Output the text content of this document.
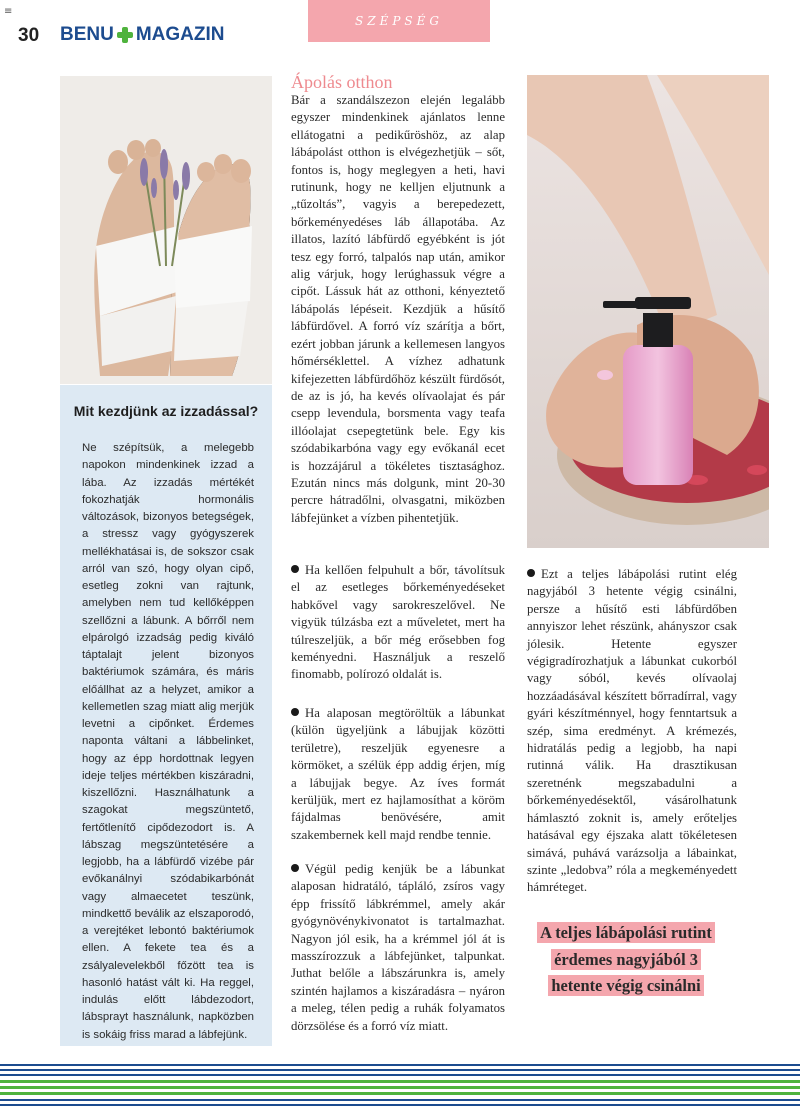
≡
30 BENU MAGAZIN
SZÉPSÉG
Mit kezdjünk az izzadással?

Ne szépítsük, a melegebb napokon mindenkinek izzad a lába. Az izzadás mértékét fokozhatják hormonális változások, bizonyos betegségek, a stressz vagy gyógyszerek mellékhatásai is, de sokszor csak arról van szó, hogy olyan cipő, esetleg zokni van rajtunk, amelyben nem tud kellőképpen szellőzni a lábunk. A bőrről nem elpárolgó izzadság pedig kiváló táptalajt jelent bizonyos baktériumok számára, és máris előállhat az a helyzet, amikor a kellemetlen szag miatt alig merjük levetni a cipőnket. Érdemes naponta váltani a lábbelinket, hogy az épp hordottnak legyen ideje teljes mértékben kiszáradni, kiszellőzni. Használhatunk a szagokat megszüntető, fertőtlenítő cipődezodort is. A lábszag megszüntetésére a legjobb, ha a lábfürdő vizébe pár evőkanálnyi szódabikarbónát vagy almaecetet teszünk, mindkettő beválik az elszaporodó, a verejtéket lebontó baktériumok ellen. A fekete tea és a zsályalevelekből főzött tea is hasonló hatást vált ki. Ha reggel, indulás előtt lábdezodort, lábsprayt használunk, napközben is sokáig friss marad a lábfejünk.

Ápolás otthon

Bár a szandálszezon elején legalább egyszer mindenkinek ajánlatos lenne ellátogatni a pedikűröshöz, az alap lábápolást otthon is elvégezhetjük – sőt, fontos is, hogy meglegyen a heti, havi rutinunk, hogy ne kelljen eljutnunk a „tűzoltás”, vagyis a berepedezett, bőrkeményedéses láb állapotába. Az illatos, lazító lábfürdő egyébként is jót tesz egy forró, talpalós nap után, amikor alig várjuk, hogy lerúghassuk végre a cipőt. Lássuk hát az otthoni, kényeztető lábápolás lépéseit. Kezdjük a hűsítő lábfürdővel. A forró víz szárítja a bőrt, ezért jobban járunk a kellemesen langyos hőmérséklettel. A vízhez adhatunk kifejezetten lábfürdőhöz készült fürdősót, de az is jó, ha kevés olívaolajat és pár csepp levendula, borsmenta vagy teafa illóolajat csepegtetünk bele. Egy kis szódabikarbóna vagy egy evőkanál ecet is hozzájárul a tökéletes tisztasághoz. Ezután nincs más dolgunk, mint 20-30 percre hátradőlni, olvasgatni, miközben lábfejünket a vízben pihentetjük.

Ha kellően felpuhult a bőr, távolítsuk el az esetleges bőrkeményedéseket habkővel vagy sarokreszelővel. Ne vigyük túlzásba ezt a műveletet, mert ha túlreszeljük, a bőr még erősebben fog keményedni. Használjuk a reszelő finomabb, polírozó oldalát is.

Ha alaposan megtöröltük a lábunkat (külön ügyeljünk a lábujjak közötti területre), reszeljük egyenesre a körmöket, a szélük épp addig érjen, míg a lábujjak begye. Az íves formát kerüljük, mert ez hajlamosíthat a köröm fájdalmas benövésére, amit szakembernek kell majd rendbe tennie.

Végül pedig kenjük be a lábunkat alaposan hidratáló, tápláló, zsíros vagy épp frissítő lábkrémmel, amely akár gyógynövénykivonatot is tartalmazhat. Nagyon jól esik, ha a krémmel jól át is masszírozzuk a lábfejünket, talpunkat. Juthat belőle a lábszárunkra is, amely szintén hajlamos a kiszáradásra – nyáron a meleg, télen pedig a ruhák folyamatos dörzsölése és a forró víz miatt.

Ezt a teljes lábápolási rutint elég nagyjából 3 hetente végig csinálni, persze a hűsítő esti lábfürdőben annyiszor lehet részünk, ahányszor csak jólesik. Hetente egyszer végigradírozhatjuk a lábunkat cukorból vagy sóból, kevés olívaolaj hozzáadásával készített bőrradírral, vagy gyári készítménnyel, hogy fenntartsuk a szép, sima eredményt. A krémezés, hidratálás pedig a legjobb, ha napi rutinná válik. Ha drasztikusan szeretnénk megszabadulni a bőrkeményedésektől, vásárolhatunk hámlasztó zoknit is, amely erőteljes hatásával egy éjszaka alatt tökéletesen simává, puhává varázsolja a lábainkat, szinte „ledobva” róla a megkeményedett hámréteget.

A teljes lábápolási rutint érdemes nagyjából 3 hetente végig csinálni
